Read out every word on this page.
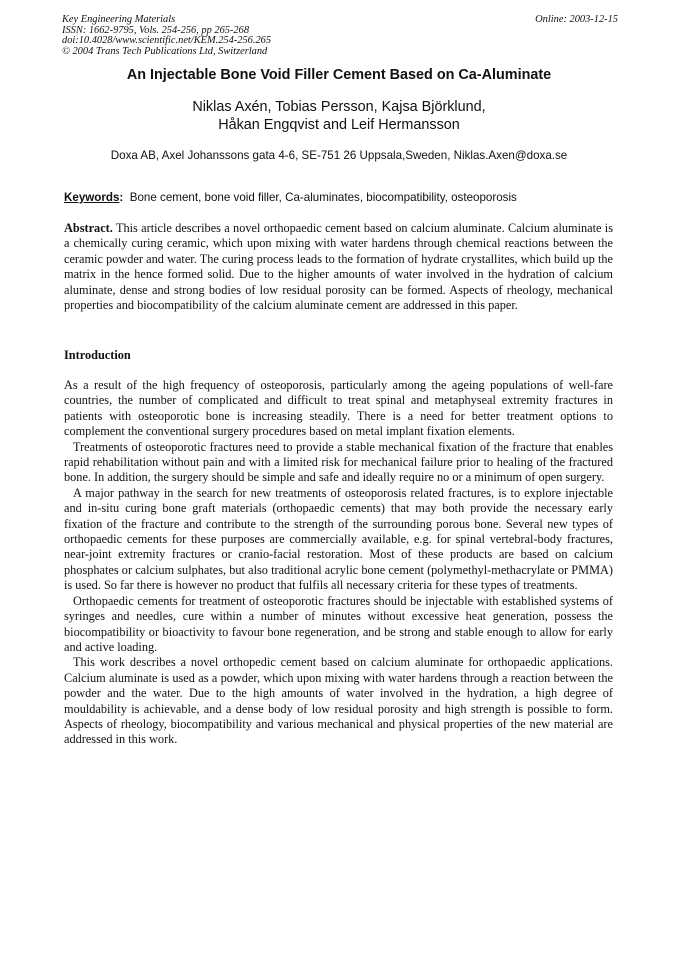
Key Engineering Materials
ISSN: 1662-9795, Vols. 254-256, pp 265-268
doi:10.4028/www.scientific.net/KEM.254-256.265
© 2004 Trans Tech Publications Ltd, Switzerland
Online: 2003-12-15
An Injectable Bone Void Filler Cement Based on Ca-Aluminate
Niklas Axén, Tobias Persson, Kajsa Björklund,
Håkan Engqvist and Leif Hermansson
Doxa AB, Axel Johanssons gata 4-6, SE-751 26 Uppsala,Sweden, Niklas.Axen@doxa.se
Keywords: Bone cement, bone void filler, Ca-aluminates, biocompatibility, osteoporosis

Abstract. This article describes a novel orthopaedic cement based on calcium aluminate. Calcium aluminate is a chemically curing ceramic, which upon mixing with water hardens through chemical reactions between the ceramic powder and water. The curing process leads to the formation of hydrate crystallites, which build up the matrix in the hence formed solid. Due to the higher amounts of water involved in the hydration of calcium aluminate, dense and strong bodies of low residual porosity can be formed. Aspects of rheology, mechanical properties and biocompatibility of the calcium aluminate cement are addressed in this paper.

Introduction

As a result of the high frequency of osteoporosis, particularly among the ageing populations of well-fare countries, the number of complicated and difficult to treat spinal and metaphyseal extremity fractures in patients with osteoporotic bone is increasing steadily. There is a need for better treatment options to complement the conventional surgery procedures based on metal implant fixation elements.

Treatments of osteoporotic fractures need to provide a stable mechanical fixation of the fracture that enables rapid rehabilitation without pain and with a limited risk for mechanical failure prior to healing of the fractured bone. In addition, the surgery should be simple and safe and ideally require no or a minimum of open surgery.

A major pathway in the search for new treatments of osteoporosis related fractures, is to explore injectable and in-situ curing bone graft materials (orthopaedic cements) that may both provide the necessary early fixation of the fracture and contribute to the strength of the surrounding porous bone. Several new types of orthopaedic cements for these purposes are commercially available, e.g. for spinal vertebral-body fractures, near-joint extremity fractures or cranio-facial restoration. Most of these products are based on calcium phosphates or calcium sulphates, but also traditional acrylic bone cement (polymethyl-methacrylate or PMMA) is used. So far there is however no product that fulfils all necessary criteria for these types of treatments.

Orthopaedic cements for treatment of osteoporotic fractures should be injectable with established systems of syringes and needles, cure within a number of minutes without excessive heat generation, possess the biocompatibility or bioactivity to favour bone regeneration, and be strong and stable enough to allow for early and active loading.

This work describes a novel orthopedic cement based on calcium aluminate for orthopaedic applications. Calcium aluminate is used as a powder, which upon mixing with water hardens through a reaction between the powder and the water. Due to the high amounts of water involved in the hydration, a high degree of mouldability is achievable, and a dense body of low residual porosity and high strength is possible to form. Aspects of rheology, biocompatibility and various mechanical and physical properties of the new material are addressed in this work.
